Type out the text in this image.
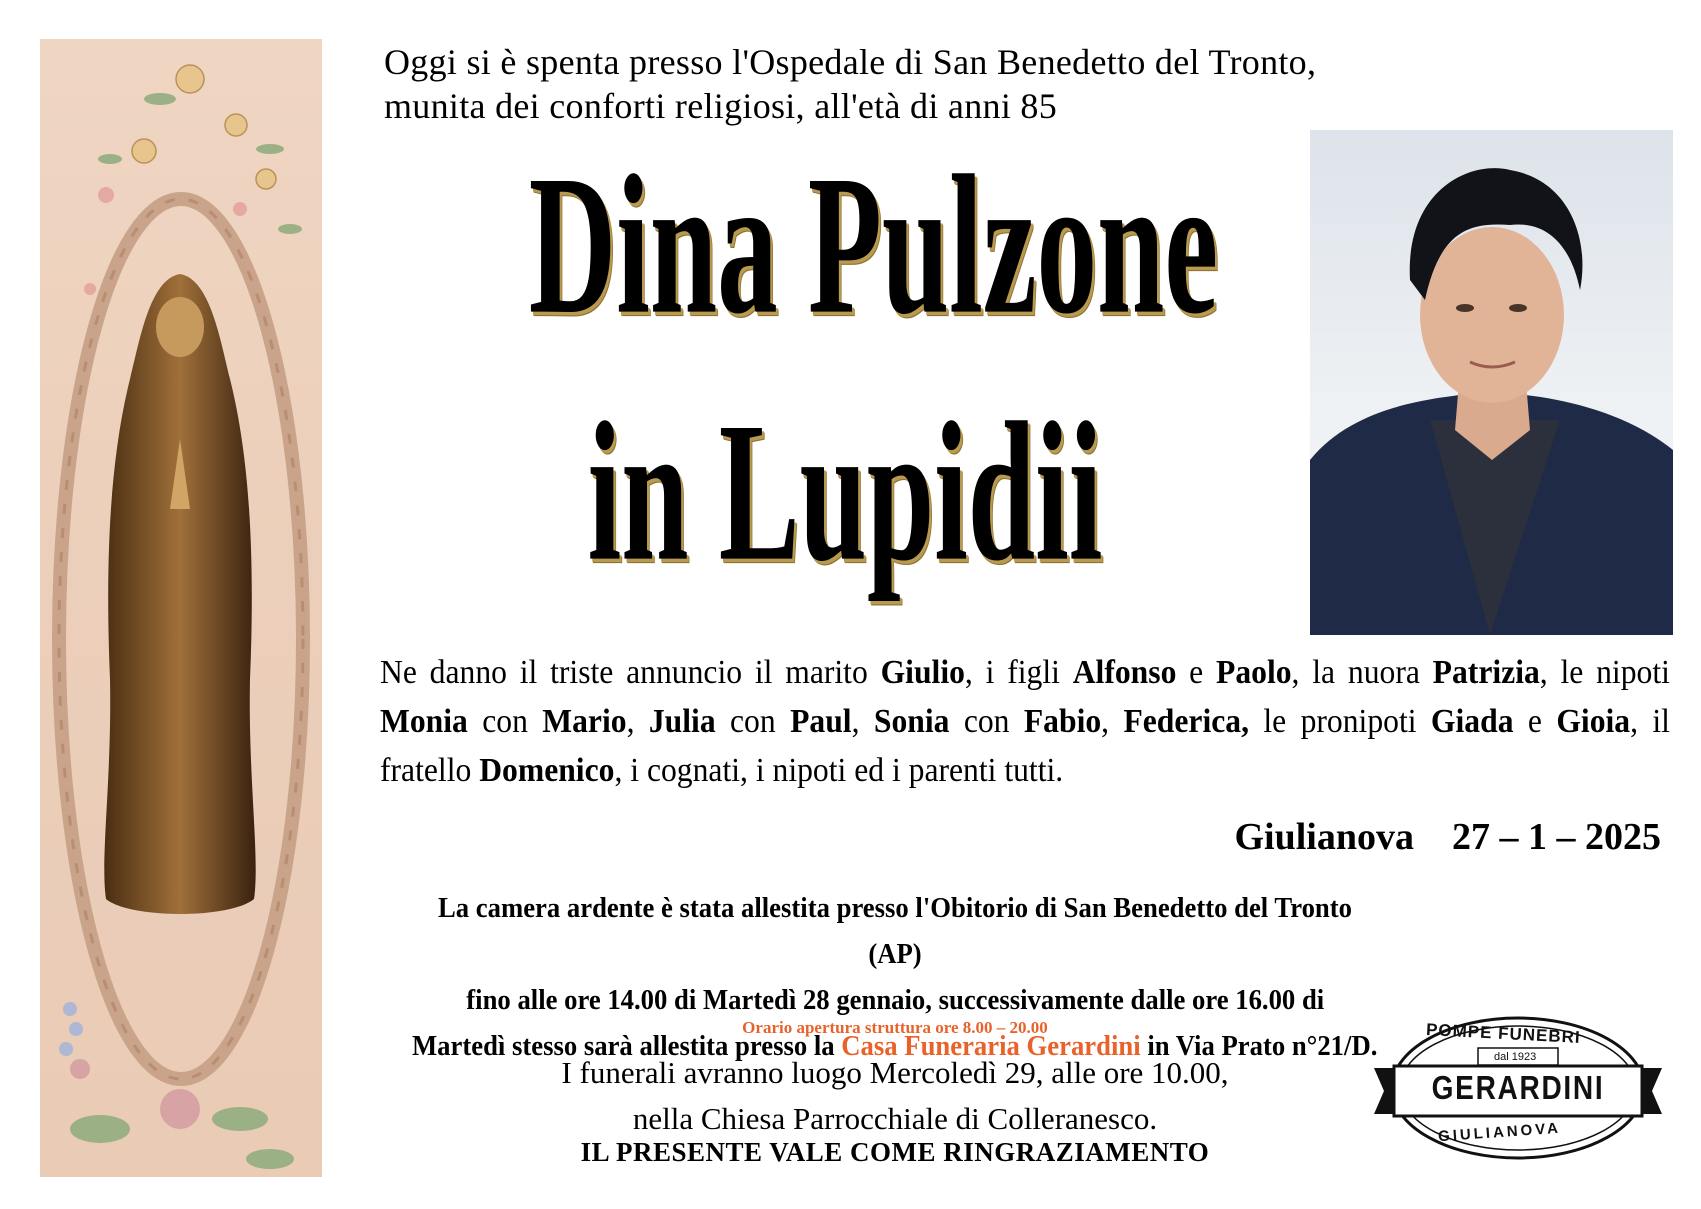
Oggi si è spenta presso l'Ospedale di San Benedetto del Tronto,
munita dei conforti religiosi, all'età di anni 85
Dina Pulzone
in Lupidii
Ne danno il triste annuncio il marito Giulio, i figli Alfonso e Paolo, la nuora Patrizia, le nipoti Monia con Mario, Julia con Paul, Sonia con Fabio, Federica, le pronipoti Giada e Gioia, il fratello Domenico, i cognati, i nipoti ed i parenti tutti.
Giulianova 27 – 1 – 2025
La camera ardente è stata allestita presso l'Obitorio di San Benedetto del Tronto (AP)
fino alle ore 14.00 di Martedì 28 gennaio, successivamente dalle ore 16.00 di
Martedì stesso sarà allestita presso la Casa Funeraria Gerardini in Via Prato n°21/D.
Orario apertura struttura ore 8.00 – 20.00
I funerali avranno luogo Mercoledì 29, alle ore 10.00,
nella Chiesa Parrocchiale di Colleranesco.
IL PRESENTE VALE COME RINGRAZIAMENTO
POMPE FUNEBRI
dal 1923
GERARDINI
GIULIANOVA
